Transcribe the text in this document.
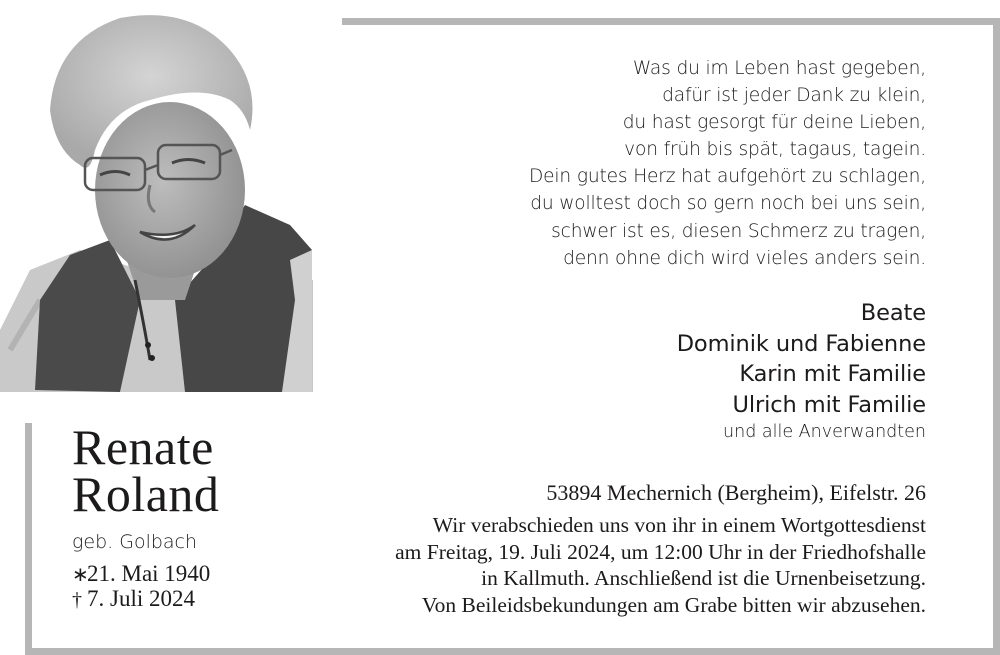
Renate
Roland
geb. Golbach
∗21. Mai 1940
† 7. Juli 2024
Was du im Leben hast gegeben,
dafür ist jeder Dank zu klein,
du hast gesorgt für deine Lieben,
von früh bis spät, tagaus, tagein.
Dein gutes Herz hat aufgehört zu schlagen,
du wolltest doch so gern noch bei uns sein,
schwer ist es, diesen Schmerz zu tragen,
denn ohne dich wird vieles anders sein.
Beate
Dominik und Fabienne
Karin mit Familie
Ulrich mit Familie
und alle Anverwandten
53894 Mechernich (Bergheim), Eifelstr. 26
Wir verabschieden uns von ihr in einem Wortgottesdienst
am Freitag, 19. Juli 2024, um 12:00 Uhr in der Friedhofshalle
in Kallmuth. Anschließend ist die Urnenbeisetzung.
Von Beileidsbekundungen am Grabe bitten wir abzusehen.
